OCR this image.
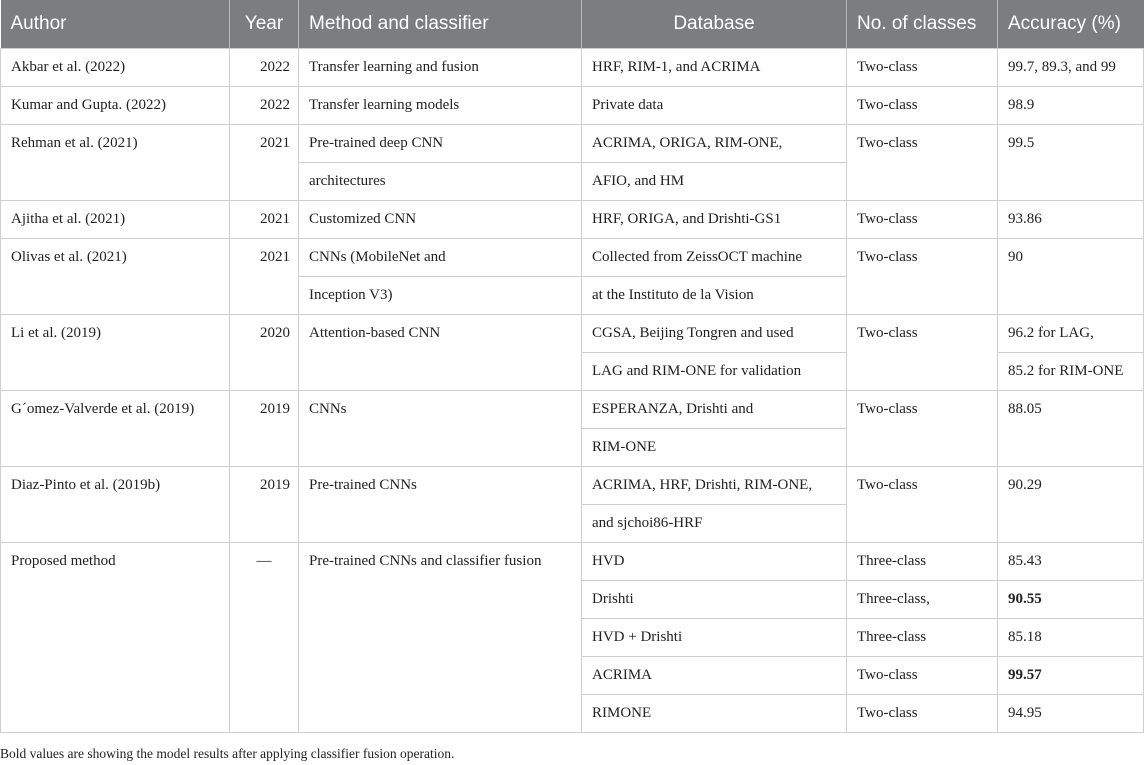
Author	Year	Method and classifier	Database	No. of classes	Accuracy (%)
Akbar et al. (2022)	2022	Transfer learning and fusion	HRF, RIM-1, and ACRIMA	Two-class	99.7, 89.3, and 99
Kumar and Gupta. (2022)	2022	Transfer learning models	Private data	Two-class	98.9
Rehman et al. (2021)	2021	Pre-trained deep CNN	ACRIMA, ORIGA, RIM-ONE,	Two-class	99.5
		architectures	AFIO, and HM		
Ajitha et al. (2021)	2021	Customized CNN	HRF, ORIGA, and Drishti-GS1	Two-class	93.86
Olivas et al. (2021)	2021	CNNs (MobileNet and	Collected from ZeissOCT machine	Two-class	90
		Inception V3)	at the Instituto de la Vision		
Li et al. (2019)	2020	Attention-based CNN	CGSA, Beijing Tongren and used	Two-class	96.2 for LAG,
			LAG and RIM-ONE for validation		85.2 for RIM-ONE
G´omez-Valverde et al. (2019)	2019	CNNs	ESPERANZA, Drishti and	Two-class	88.05
			RIM-ONE		
Diaz-Pinto et al. (2019b)	2019	Pre-trained CNNs	ACRIMA, HRF, Drishti, RIM-ONE,	Two-class	90.29
			and sjchoi86-HRF		
Proposed method	—	Pre-trained CNNs and classifier fusion	HVD	Three-class	85.43
			Drishti	Three-class,	90.55
			HVD + Drishti	Three-class	85.18
			ACRIMA	Two-class	99.57
			RIMONE	Two-class	94.95
Bold values are showing the model results after applying classifier fusion operation.
